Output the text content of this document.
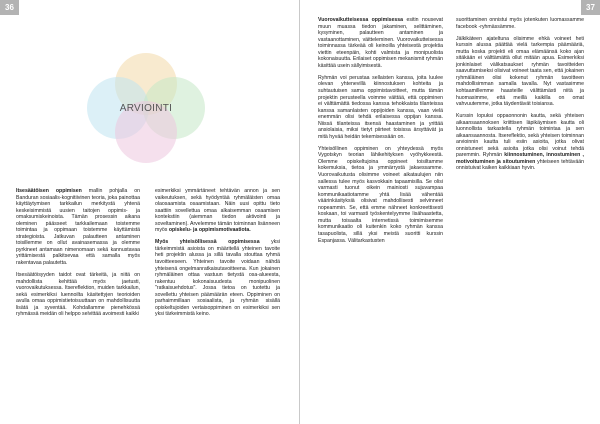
36	37
ARVIOINTI

Itsesäätöisen oppimisen mallin pohjalla on Banduran sosiaalis-kognitiivinen teoria, joka painottaa käyttäytymisen tarkkailun merkitystä yhtenä keskeisimmistä uusien taitojen oppimis- ja omaksumiskeinoista. Tämän prosessin aikana oleminen päässeet tarkkailemaan toistemme toimintaa ja oppimaan toistemme käyttämistä strategioista. Jatkuvan palautteen antaminen toisillemme on ollut avainasemassa ja olemme pyrkineet antamaan nimenomaan sekä kannustavaa yrittämisestä palkitsevaa että samalla myös rakentavaa palautetta.

Itsesäätöisyyden taidot ovat tärkeitä, ja niitä on mahdollista kehittää myös jaetusti, vuorovaikutuksessa. Itsereflektion, muiden tarkkailun, sekä esimerkiksi luennoilta käsitettyjen teorioiden avulla omaa oppimistietoisuuttaan on mahdollisuutta lisätä ja syventää. Kohdallamme pienehkössä ryhmässä meidän oli helppo selvittää avoimesti kaikki

esimerkiksi ymmärtäneet tehtävän annon ja sen vaikeutuksen, sekä hyödyntää ryhmäläisten omaa olaosaamista osaamistaan. Näin uusi opittu tieto saattiin sovellettua omaa alkaisemman osaamisen kontekstiin (aiemman tiedon aktivointi ja soveltaminen). Arvelemme tämän toiminnan lisänneen myös opiskelu- ja oppimismotivaatiota.

Myös yhteisöllisessä oppimisessa yksi tärkeimmistä asioista on määritellä yhteinen tavoite heti projektin alussa ja sillä tavalla stouttaa ryhmä tavoitteeseen. Yhteinen tavoite voidaan nähdä yhteisenä ongelmanratkaisutavoitteena. Kun jokainen ryhmäläinen ottaa vastuun tietystä osa-alueesta, rakentuu kokonaisuudesta monipuolinen "ratkaisuehdotus". Jossa tietoa on tuotettu ja sovellettu yhteisen päämäärän eteen. Oppiminen on parhaimmillaan sosiaalista, ja ryhmän sisällä opiskeltujoiden vertaisoppiminen on esimerkiksi sen yksi tärkeimmistä keino.

Vuorovaikutteisessa oppimisessa esitin nousevat muun muassa tiedon jakaminen, selittäminen, kysyminen, palautteen antaminen ja vastaanottaminen, väitteleminen. Vuorovaikutteisessa toiminnassa tärkeää oli keinoilla yhteisestä projektia viettin eteenpäin, kohti valmista ja monipuolista kokonaisuutta. Erilaiset oppimisen mekanismit ryhmän käsittää usein sällyimisestä.

Ryhmän voi perustaa sellaisten kanssa, joita luulee olevan yhtenevillä kiinnostuksen kohteita ja suhtautuisen sama oppimistavoitteet, mutta tämän projektin perusteella voimme väittää, että oppiminen ei välttämättä tiedossa kanssa tehokkaista tilanteissa kanssa samanlaisten oppijoiden kanssa, vaan vielä enemmän olisi tehdä erilaisessa oppijan kanssa. Niissä tilanteissa itsensä haastaminen ja yrittää ansiolaisia, miksi tietyt piirteet toisissa ärsyttävät ja mitä hyvää heidän tekemisessään on.

Yhteisöllinen oppiminen on yhteydessä myös Vygotskyn teorian lähikehityksen vyöhykkeestä. Olemme opiskeltujoina oppineet toisiltamme kokemuksia, tietoa ja ymmärrystä jakaessamme. Vuorovaikutusta olisimme voineet aikataulujen niin sallessa tulee myös kasvokkain tapaamisilla. Se olisi varmasti tuonut oikein mainiosti sujuvampaa kommunikaatiotamme yhtä lisää vähentää väärinkäsityksiä olisivat mahdollisesti selvinneet nopeammin. Se, että emme nähneet konkreettisesti koskaan, toi varmasti työskentelyymme lisähaastetta, mutta toisaalta internetissä toimimisemme kommunikaatio oli kuitenkin koko ryhmän kanssa tasapuolista, sillä yksi meistä suoritti kurssin Espanjassa. Välitarkastusten

suorittaminen onnistui myös jotenkuten luomassamme facebook -ryhmässämme.

Jälkikäteen ajateltuna olisimme ehkä voineet heti kurssin alussa päättää vielä tarkempia päämääriä, mutta koska projekti eli omaa elämäänsä koko ajan sitäkään ei välttämättä ollut mitään apua. Esimerkiksi jonkinlaiset välikatsaukset ryhmän tavoitteiden saavuttamiseksi olisivat voineet taata sen, että jokainen ryhmäläinen olisi kokenut ryhmän tavoitteen mahdollisimman samalla tavalla. Nyt vastasimme kohtaamillemme haasteille välittämästi niitä ja huomasimme, että meillä kaikilla on omat vahvuutemme, jotka täydentävät toisiansa.

Kurssin lopuksi oppaonnonin kautta, sekä yhteisen aikaansaannoksen kriittisen läpikäymisen kautta oli luonnollista tarkastella ryhmän toimintaa ja sen aikaansaannosta. Itsereflektio, sekä yhteisen toiminnan arvioinnin kautta tuli esiin asioita, jotka olivat onnistuneet sekä asioita jotka olisi voinut tehdä paremmin. Ryhmän kiinnostuminen, innostuminen , motivoituminen ja sitoutuminen yhteiseen tehtävään onnistuivat kaiken kaikkiaan hyvin.
